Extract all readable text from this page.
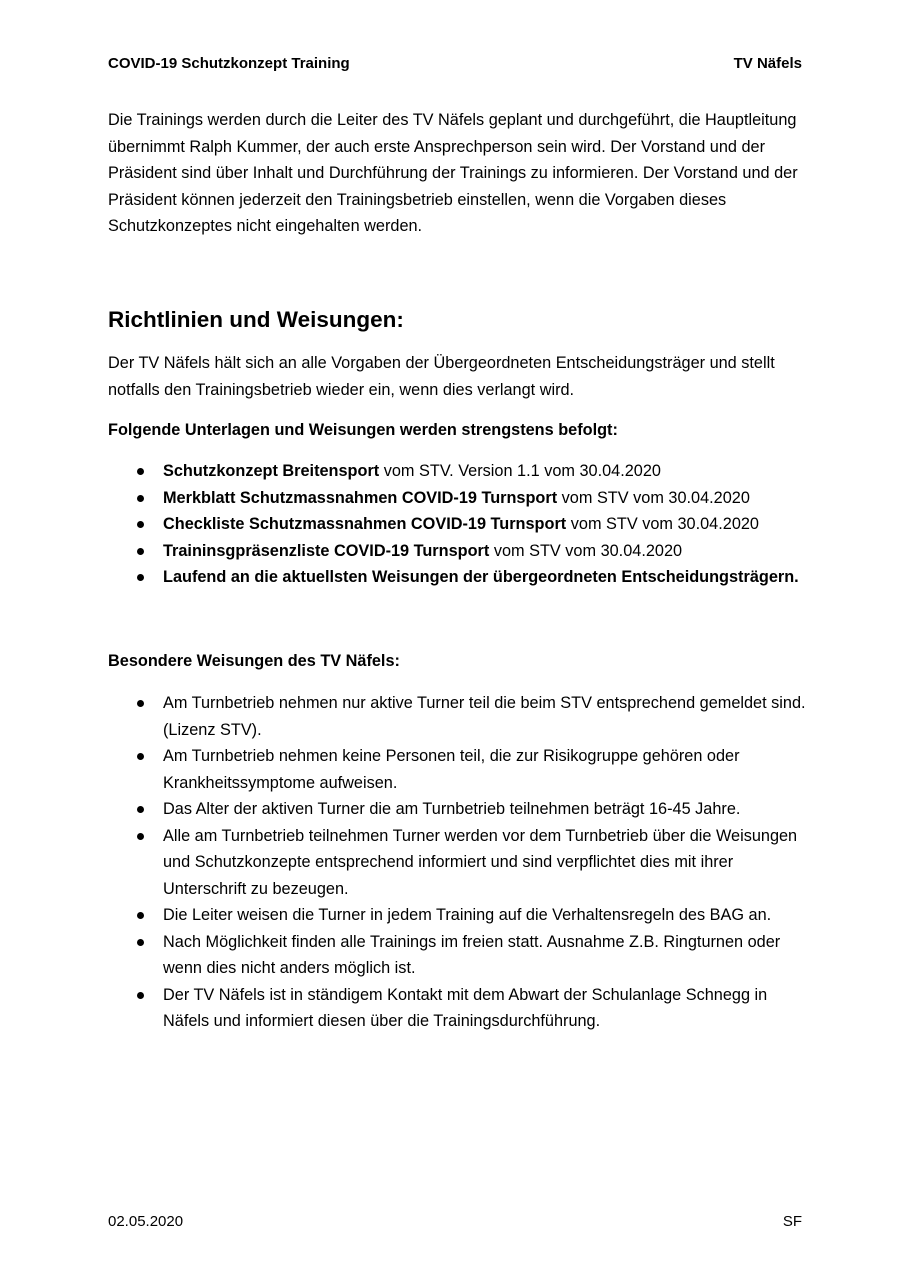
COVID-19 Schutzkonzept Training	TV Näfels

Die Trainings werden durch die Leiter des TV Näfels geplant und durchgeführt, die Hauptleitung übernimmt Ralph Kummer, der auch erste Ansprechperson sein wird. Der Vorstand und der Präsident sind über Inhalt und Durchführung der Trainings zu informieren. Der Vorstand und der Präsident können jederzeit den Trainingsbetrieb einstellen, wenn die Vorgaben dieses Schutzkonzeptes nicht eingehalten werden.

Richtlinien und Weisungen:

Der TV Näfels hält sich an alle Vorgaben der Übergeordneten Entscheidungsträger und stellt notfalls den Trainingsbetrieb wieder ein, wenn dies verlangt wird.

Folgende Unterlagen und Weisungen werden strengstens befolgt:

Schutzkonzept Breitensport vom STV. Version 1.1 vom 30.04.2020
Merkblatt Schutzmassnahmen COVID-19 Turnsport vom STV vom 30.04.2020
Checkliste Schutzmassnahmen COVID-19 Turnsport vom STV vom 30.04.2020
Traininsgpräsenzliste COVID-19 Turnsport vom STV vom 30.04.2020
Laufend an die aktuellsten Weisungen der übergeordneten Entscheidungsträgern.

Besondere Weisungen des TV Näfels:

Am Turnbetrieb nehmen nur aktive Turner teil die beim STV entsprechend gemeldet sind. (Lizenz STV).
Am Turnbetrieb nehmen keine Personen teil, die zur Risikogruppe gehören oder Krankheitssymptome aufweisen.
Das Alter der aktiven Turner die am Turnbetrieb teilnehmen beträgt 16-45 Jahre.
Alle am Turnbetrieb teilnehmen Turner werden vor dem Turnbetrieb über die Weisungen und Schutzkonzepte entsprechend informiert und sind verpflichtet dies mit ihrer Unterschrift zu bezeugen.
Die Leiter weisen die Turner in jedem Training auf die Verhaltensregeln des BAG an.
Nach Möglichkeit finden alle Trainings im freien statt. Ausnahme Z.B. Ringturnen oder wenn dies nicht anders möglich ist.
Der TV Näfels ist in ständigem Kontakt mit dem Abwart der Schulanlage Schnegg in Näfels und informiert diesen über die Trainingsdurchführung.
02.05.2020	SF
